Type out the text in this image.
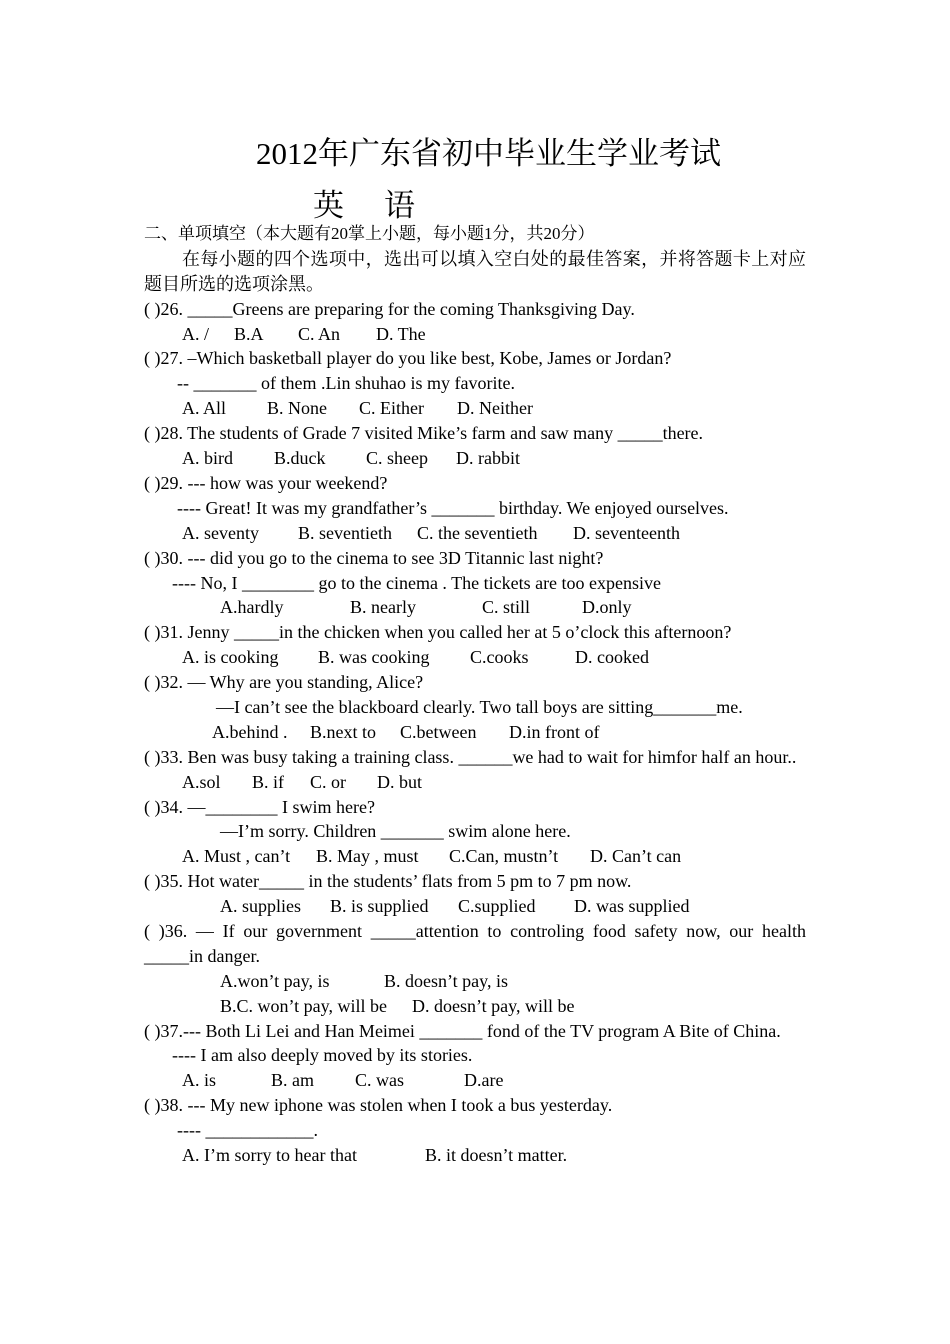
2012年广东省初中毕业生学业考试
英语
二、单项填空（本大题有20掌上小题，每小题1分，共20分）
在每小题的四个选项中，选出可以填入空白处的最佳答案，并将答题卡上对应题目所选的选项涂黑。
( )26. _____Greens are preparing for the coming Thanksgiving Day.
A. / B.A C. An D. The
( )27. –Which basketball player do you like best, Kobe, James or Jordan?
-- _______ of them .Lin shuhao is my favorite.
A. All B. None C. Either D. Neither
( )28. The students of Grade 7 visited Mike’s farm and saw many _____there.
A. bird B.duck C. sheep D. rabbit
( )29. --- how was your weekend?
---- Great! It was my grandfather’s _______ birthday. We enjoyed ourselves.
A. seventy B. seventieth C. the seventieth D. seventeenth
( )30. --- did you go to the cinema to see 3D Titannic last night?
---- No, I ________ go to the cinema . The tickets are too expensive
A.hardly	B. nearly	C. still	D.only
( )31. Jenny _____in the chicken when you called her at 5 o’clock this afternoon?
A. is cooking B. was cooking C.cooks	D. cooked
( )32. — Why are you standing, Alice?
—I can’t see the blackboard clearly. Two tall boys are sitting_______me.
A.behind . B.next to C.between D.in front of
( )33. Ben was busy taking a training class. ______we had to wait for himfor half an hour..
A.sol B. if C. or D. but
( )34. —________ I swim here?
—I’m sorry. Children _______ swim alone here.
A. Must , can’t B. May , must C.Can, mustn’t D. Can’t can
( )35. Hot water_____ in the students’ flats from 5 pm to 7 pm now.
A. supplies B. is supplied C.supplied D. was supplied
( )36. — If our government _____attention to controling food safety now, our health _____in danger.
A.won’t pay, is	B. doesn’t pay, is
B.C. won’t pay, will be D. doesn’t pay, will be
( )37.--- Both Li Lei and Han Meimei _______ fond of the TV program A Bite of China.
---- I am also deeply moved by its stories.
A. is	B. am C. was	D.are
( )38. --- My new iphone was stolen when I took a bus yesterday.
---- ____________.
A. I’m sorry to hear that	B. it doesn’t matter.
